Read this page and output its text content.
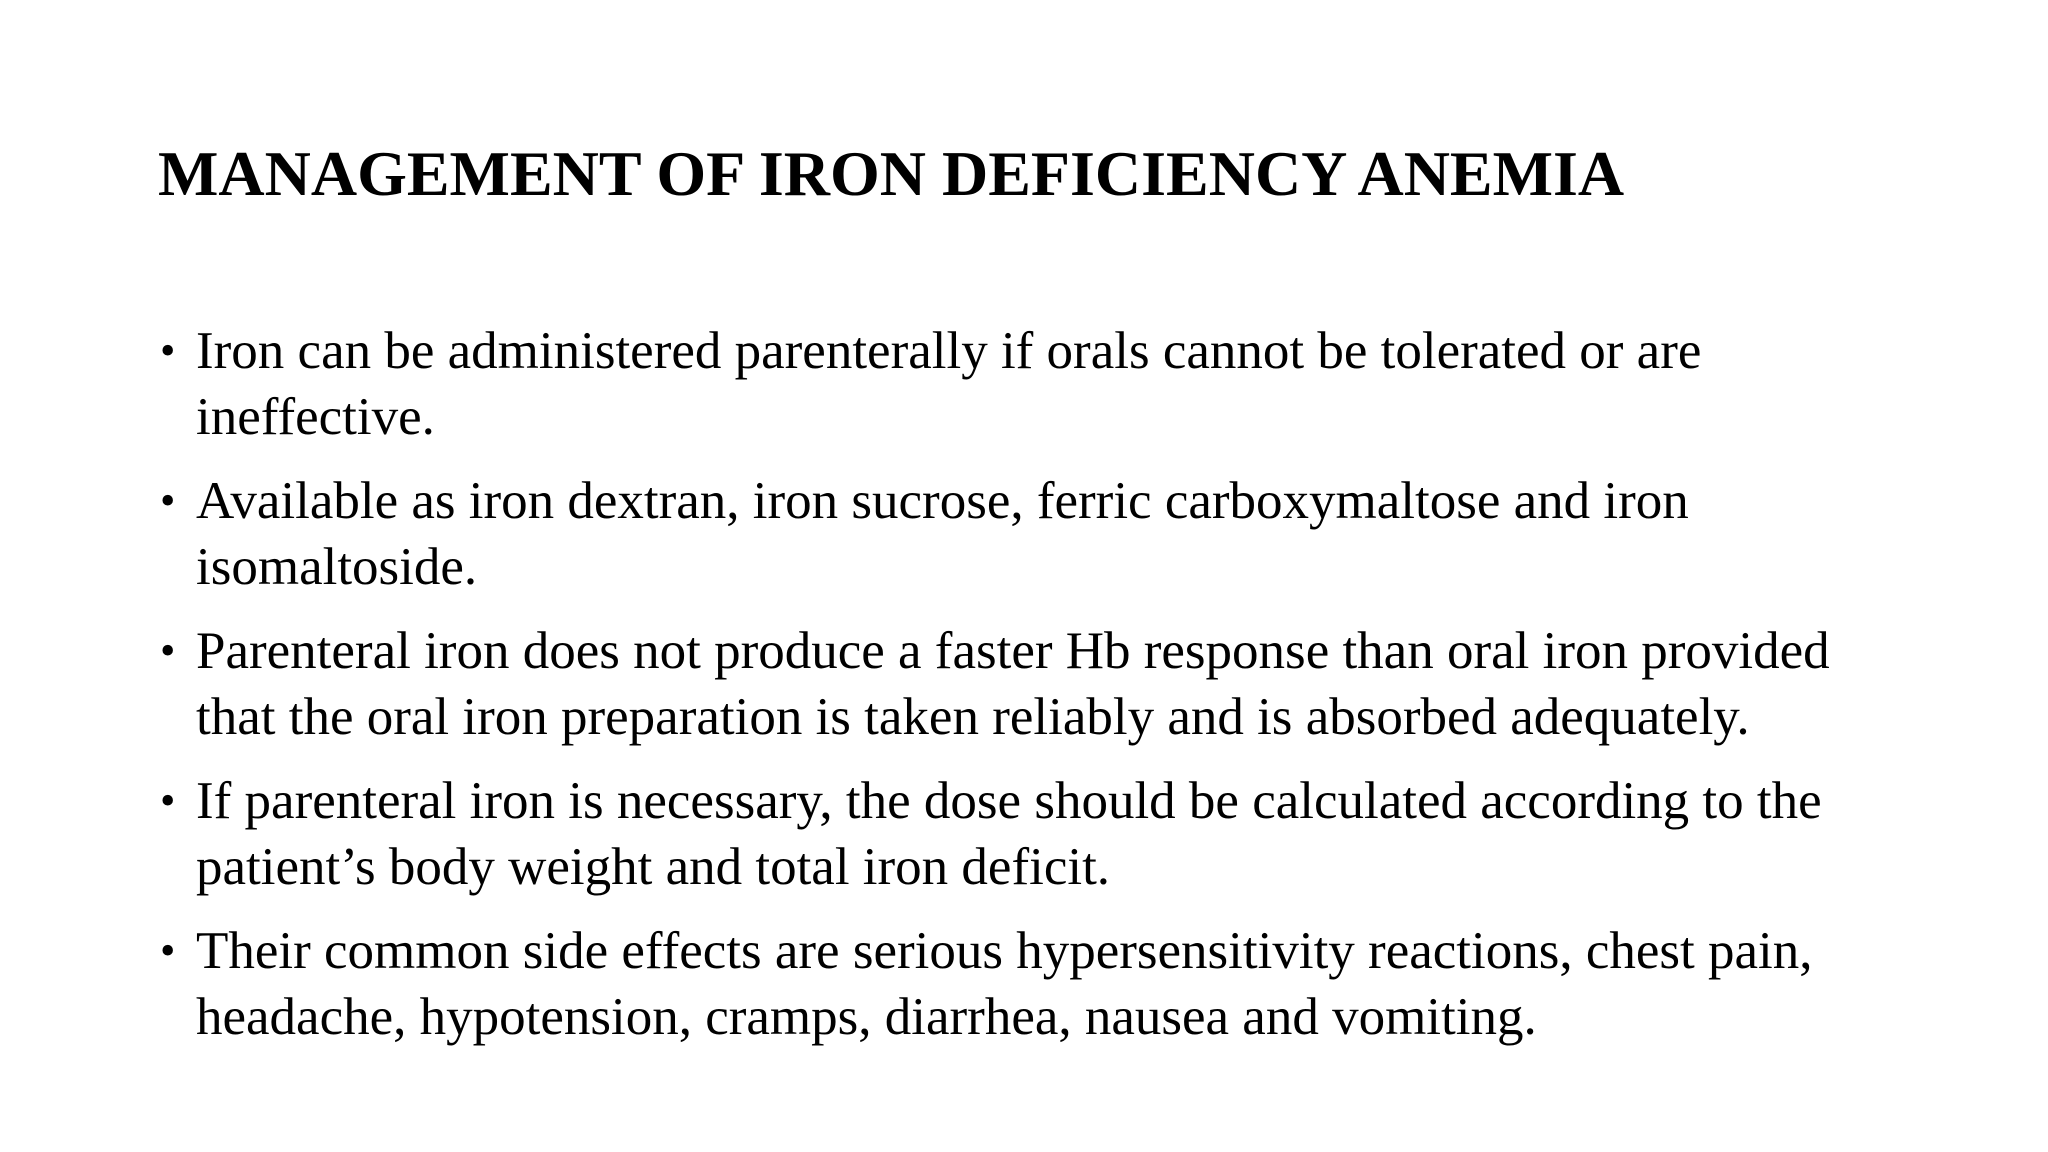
MANAGEMENT OF IRON DEFICIENCY ANEMIA
• Iron can be administered parenterally if orals cannot be tolerated or are ineffective.
• Available as iron dextran, iron sucrose, ferric carboxymaltose and iron isomaltoside.
• Parenteral iron does not produce a faster Hb response than oral iron provided that the oral iron preparation is taken reliably and is absorbed adequately.
• If parenteral iron is necessary, the dose should be calculated according to the patient’s body weight and total iron deficit.
• Their common side effects are serious hypersensitivity reactions, chest pain, headache, hypotension, cramps, diarrhea, nausea and vomiting.
